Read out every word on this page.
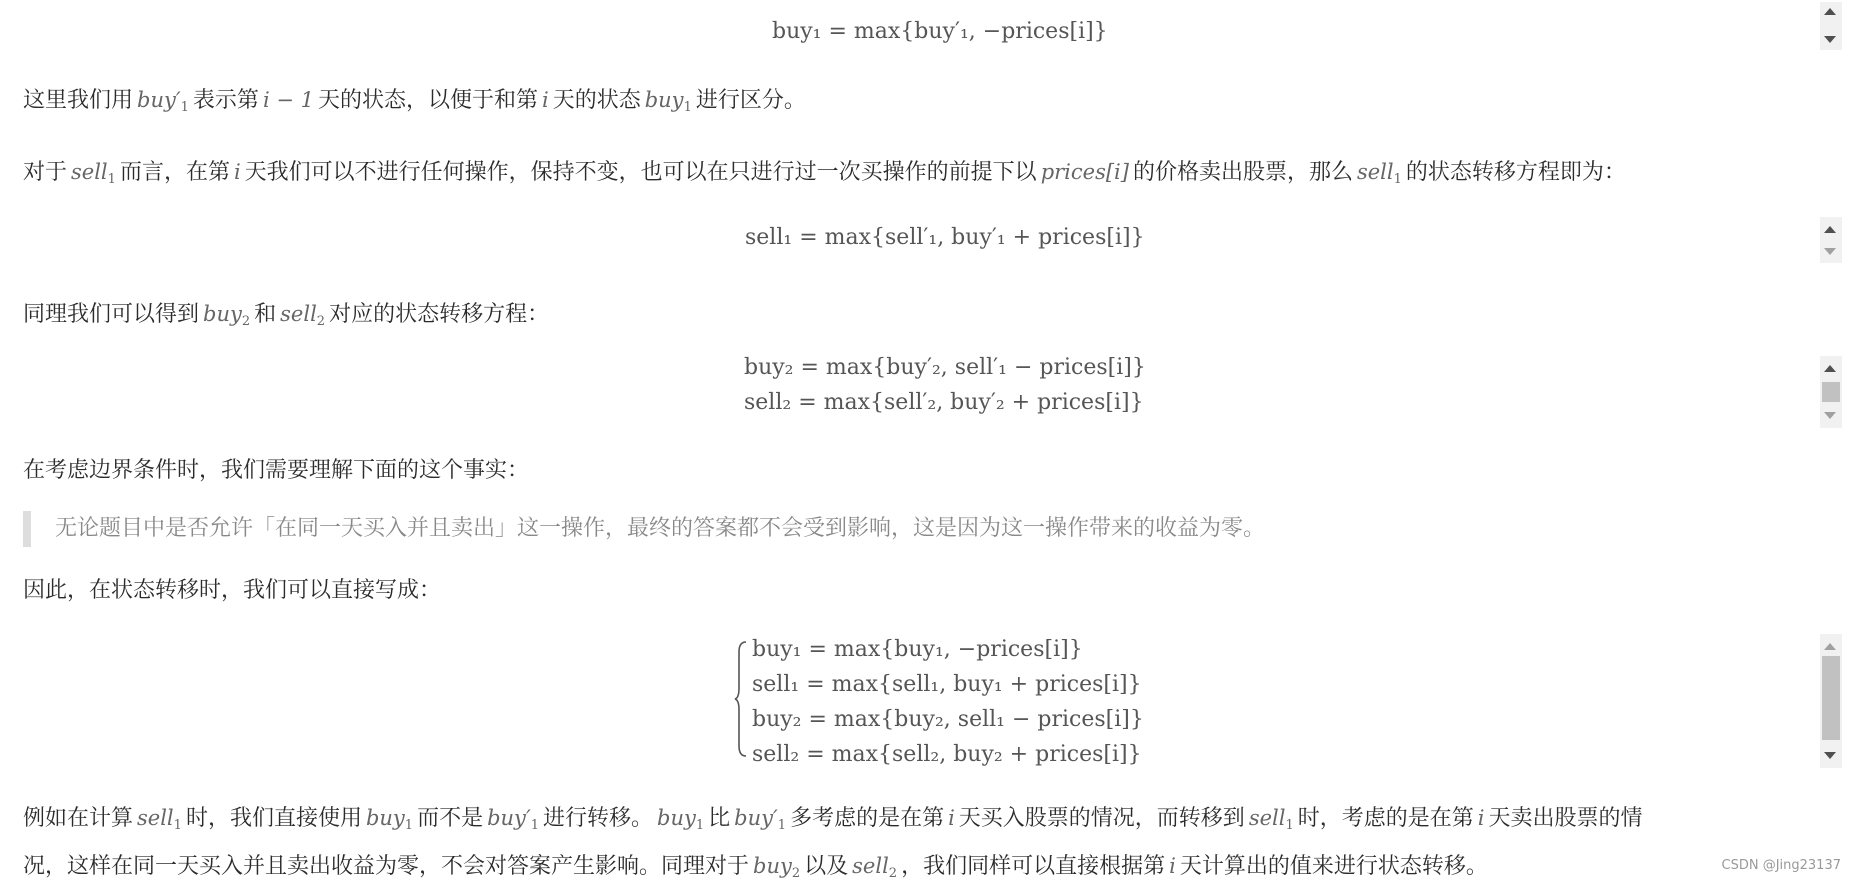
buy₁ = max{buy′₁, −prices[i]}
这里我们用 $buy'_1$ 表示第 i − 1 天的状态，以便于和第 i 天的状态 buy$_1$ 进行区分。
对于 sell$_1$ 而言，在第 i 天我们可以不进行任何操作，保持不变，也可以在只进行过一次买操作的前提下以 prices[i] 的价格卖出股票，那么 sell$_1$ 的状态转移方程即为：
sell₁ = max{sell′₁, buy′₁ + prices[i]}
同理我们可以得到 buy$_2$ 和 sell$_2$ 对应的状态转移方程：
buy₂ = max{buy′₂, sell′₁ − prices[i]}
sell₂ = max{sell′₂, buy′₂ + prices[i]}
在考虑边界条件时，我们需要理解下面的这个事实：
无论题目中是否允许「在同一天买入并且卖出」这一操作，最终的答案都不会受到影响，这是因为这一操作带来的收益为零。
因此，在状态转移时，我们可以直接写成：
buy₁ = max{buy₁, −prices[i]}
sell₁ = max{sell₁, buy₁ + prices[i]}
buy₂ = max{buy₂, sell₁ − prices[i]}
sell₂ = max{sell₂, buy₂ + prices[i]}
例如在计算 sell$_1$ 时，我们直接使用 buy$_1$ 而不是 $buy'_1$ 进行转移。 buy$_1$ 比 $buy'_1$ 多考虑的是在第 i 天买入股票的情况，而转移到 sell$_1$ 时，考虑的是在第 i 天卖出股票的情
况，这样在同一天买入并且卖出收益为零，不会对答案产生影响。同理对于 buy$_2$ 以及 sell$_2$ ，我们同样可以直接根据第 i 天计算出的值来进行状态转移。	CSDN @Jing23137
